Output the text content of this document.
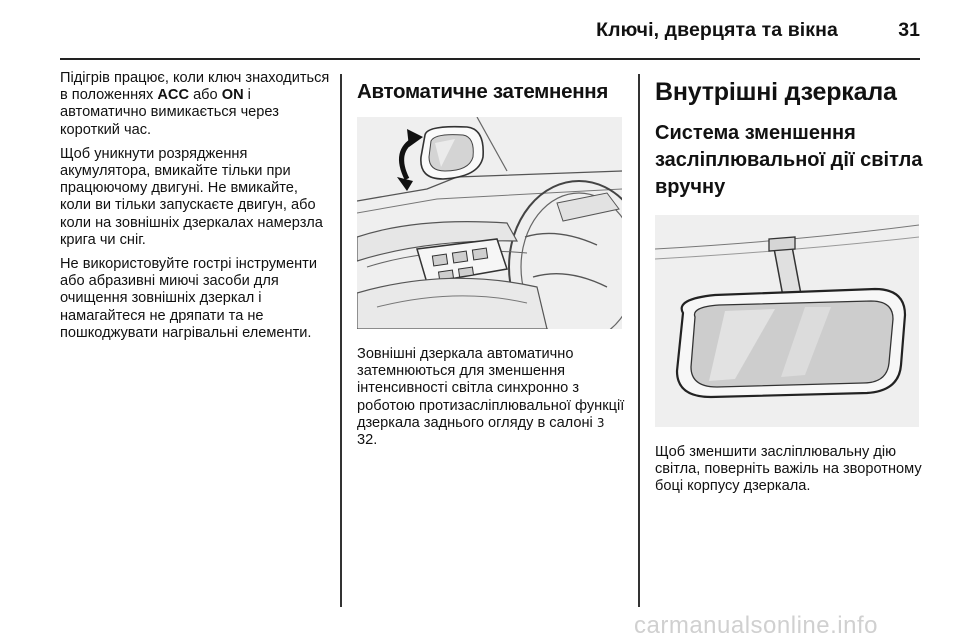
Ключі, дверцята та вікна	31

Підігрів працює, коли ключ знаходиться в положеннях ACC або ON і автоматично вимикається через короткий час.

Щоб уникнути розрядження акумулятора, вмикайте тільки при працюючому двигуні. Не вмикайте, коли ви тільки запускаєте двигун, або коли на зовнішніх дзеркалах намерзла крига чи сніг.

Не використовуйте гострі інструменти або абразивні миючі засоби для очищення зовнішніх дзеркал і намагайтеся не дряпати та не пошкоджувати нагрівальні елементи.

Автоматичне затемнення

Зовнішні дзеркала автоматично затемнюються для зменшення інтенсивності світла синхронно з роботою протизасліплювальної функції дзеркала заднього огляду в салоні 3 32.

Внутрішні дзеркала
Система зменшення засліплювальної дії світла вручну

Щоб зменшити засліплювальну дію світла, поверніть важіль на зворотному боці корпусу дзеркала.

carmanualsonline.info
